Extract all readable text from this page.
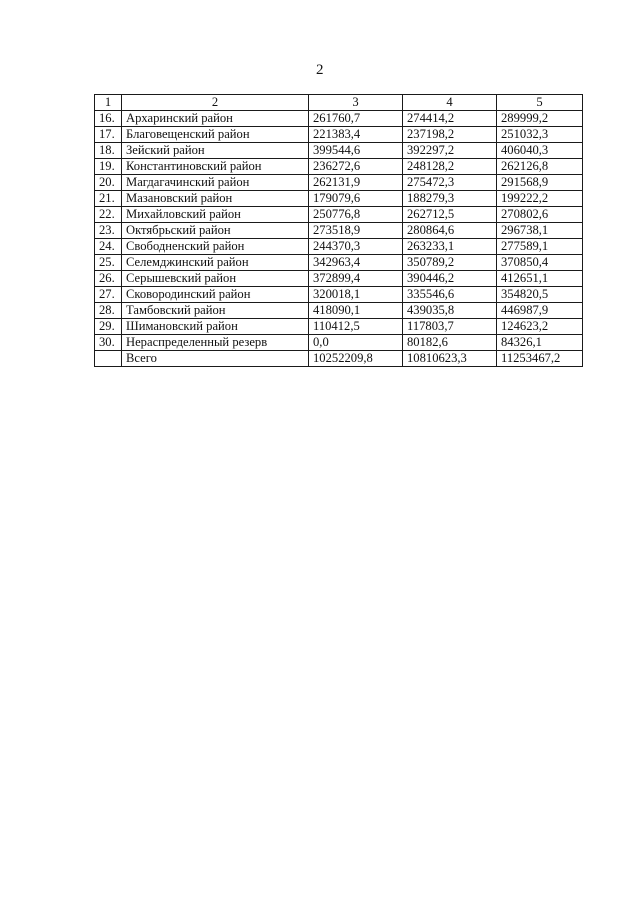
2
1	2	3	4	5
16.	Архаринский район	261760,7	274414,2	289999,2
17.	Благовещенский район	221383,4	237198,2	251032,3
18.	Зейский район	399544,6	392297,2	406040,3
19.	Константиновский район	236272,6	248128,2	262126,8
20.	Магдагачинский район	262131,9	275472,3	291568,9
21.	Мазановский район	179079,6	188279,3	199222,2
22.	Михайловский район	250776,8	262712,5	270802,6
23.	Октябрьский район	273518,9	280864,6	296738,1
24.	Свободненский район	244370,3	263233,1	277589,1
25.	Селемджинский район	342963,4	350789,2	370850,4
26.	Серышевский район	372899,4	390446,2	412651,1
27.	Сковородинский район	320018,1	335546,6	354820,5
28.	Тамбовский район	418090,1	439035,8	446987,9
29.	Шимановский район	110412,5	117803,7	124623,2
30.	Нераспределенный резерв	0,0	80182,6	84326,1
	Всего	10252209,8	10810623,3	11253467,2
